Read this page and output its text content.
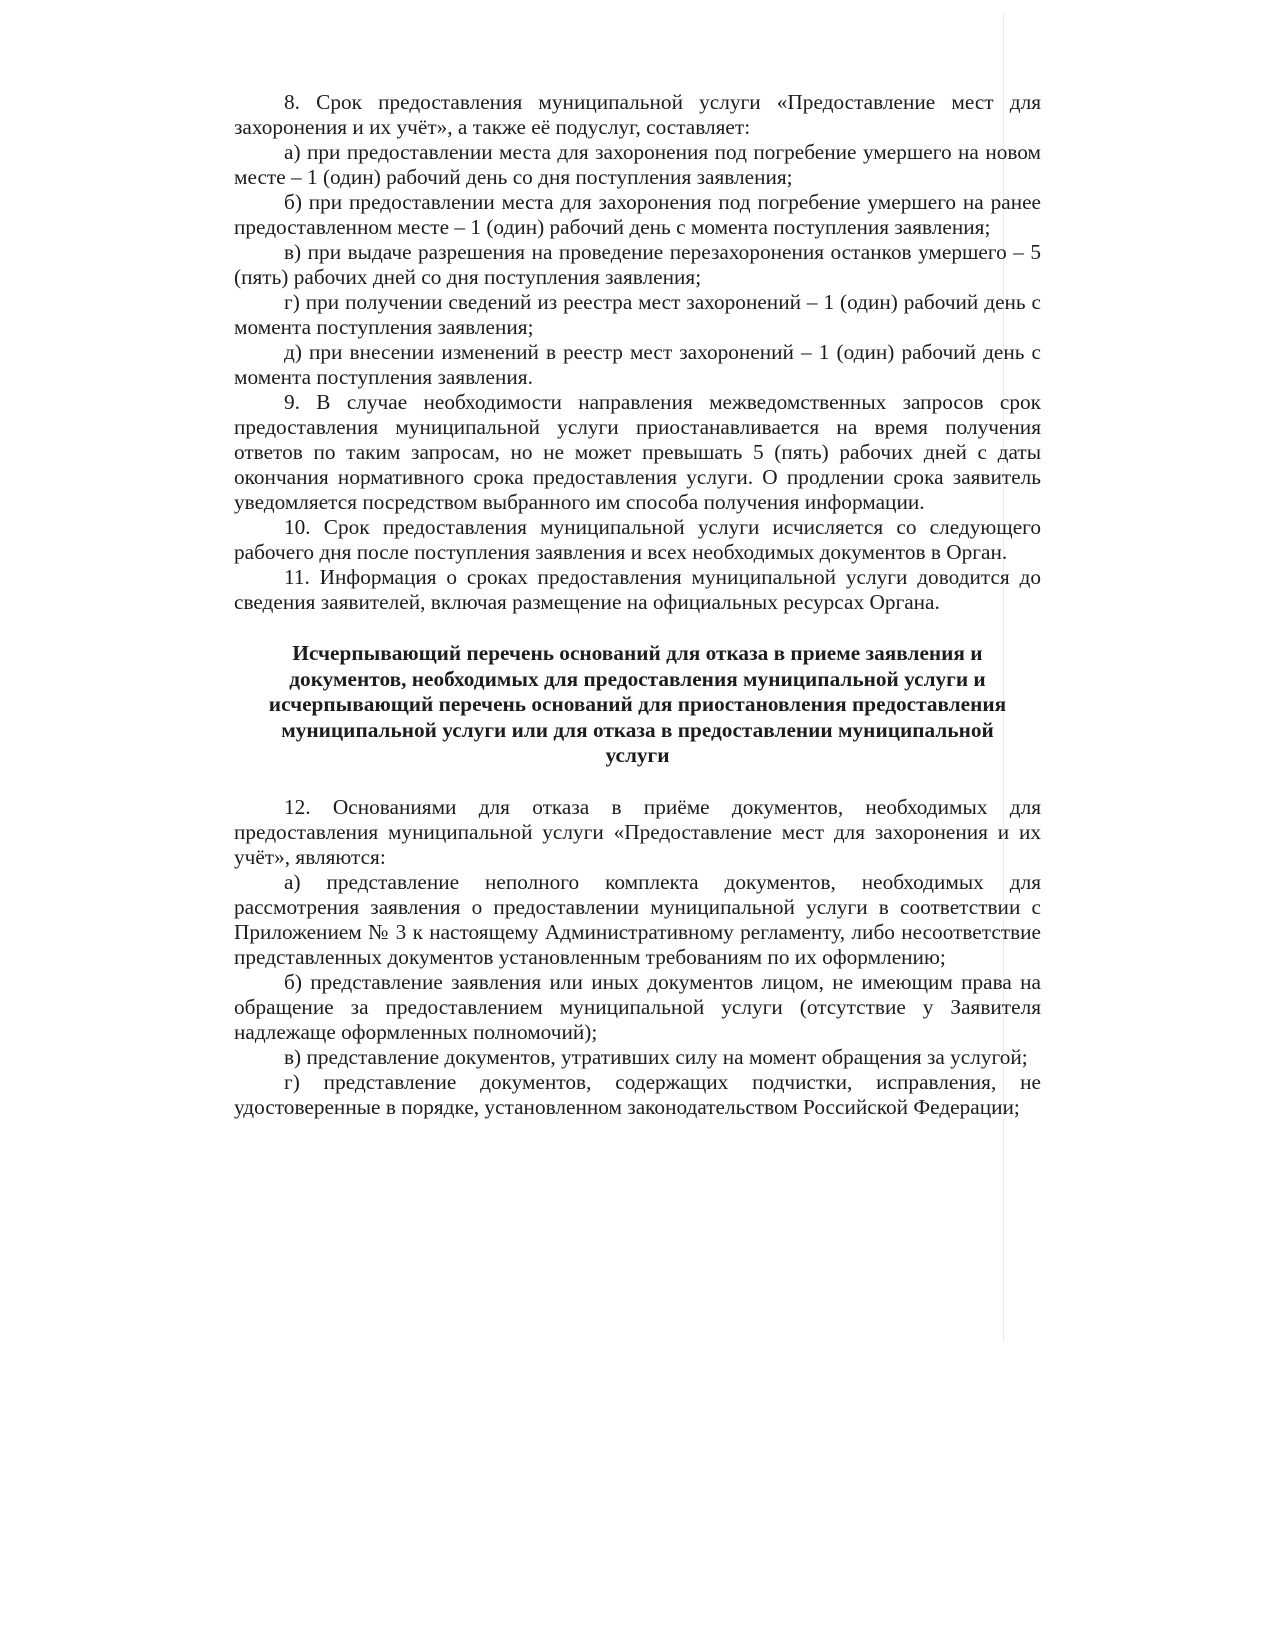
8. Срок предоставления муниципальной услуги «Предоставление мест для захоронения и их учёт», а также её подуслуг, составляет:

а) при предоставлении места для захоронения под погребение умершего на новом месте – 1 (один) рабочий день со дня поступления заявления;

б) при предоставлении места для захоронения под погребение умершего на ранее предоставленном месте – 1 (один) рабочий день с момента поступления заявления;

в) при выдаче разрешения на проведение перезахоронения останков умершего – 5 (пять) рабочих дней со дня поступления заявления;

г) при получении сведений из реестра мест захоронений – 1 (один) рабочий день с момента поступления заявления;

д) при внесении изменений в реестр мест захоронений – 1 (один) рабочий день с момента поступления заявления.

9. В случае необходимости направления межведомственных запросов срок предоставления муниципальной услуги приостанавливается на время получения ответов по таким запросам, но не может превышать 5 (пять) рабочих дней с даты окончания нормативного срока предоставления услуги. О продлении срока заявитель уведомляется посредством выбранного им способа получения информации.

10. Срок предоставления муниципальной услуги исчисляется со следующего рабочего дня после поступления заявления и всех необходимых документов в Орган.

11. Информация о сроках предоставления муниципальной услуги доводится до сведения заявителей, включая размещение на официальных ресурсах Органа.

Исчерпывающий перечень оснований для отказа в приеме заявления и
документов, необходимых для предоставления муниципальной услуги и
исчерпывающий перечень оснований для приостановления предоставления
муниципальной услуги или для отказа в предоставлении муниципальной
услуги

12. Основаниями для отказа в приёме документов, необходимых для предоставления муниципальной услуги «Предоставление мест для захоронения и их учёт», являются:

а) представление неполного комплекта документов, необходимых для рассмотрения заявления о предоставлении муниципальной услуги в соответствии с Приложением № 3 к настоящему Административному регламенту, либо несоответствие представленных документов установленным требованиям по их оформлению;

б) представление заявления или иных документов лицом, не имеющим права на обращение за предоставлением муниципальной услуги (отсутствие у Заявителя надлежаще оформленных полномочий);

в) представление документов, утративших силу на момент обращения за услугой;

г) представление документов, содержащих подчистки, исправления, не удостоверенные в порядке, установленном законодательством Российской Федерации;
